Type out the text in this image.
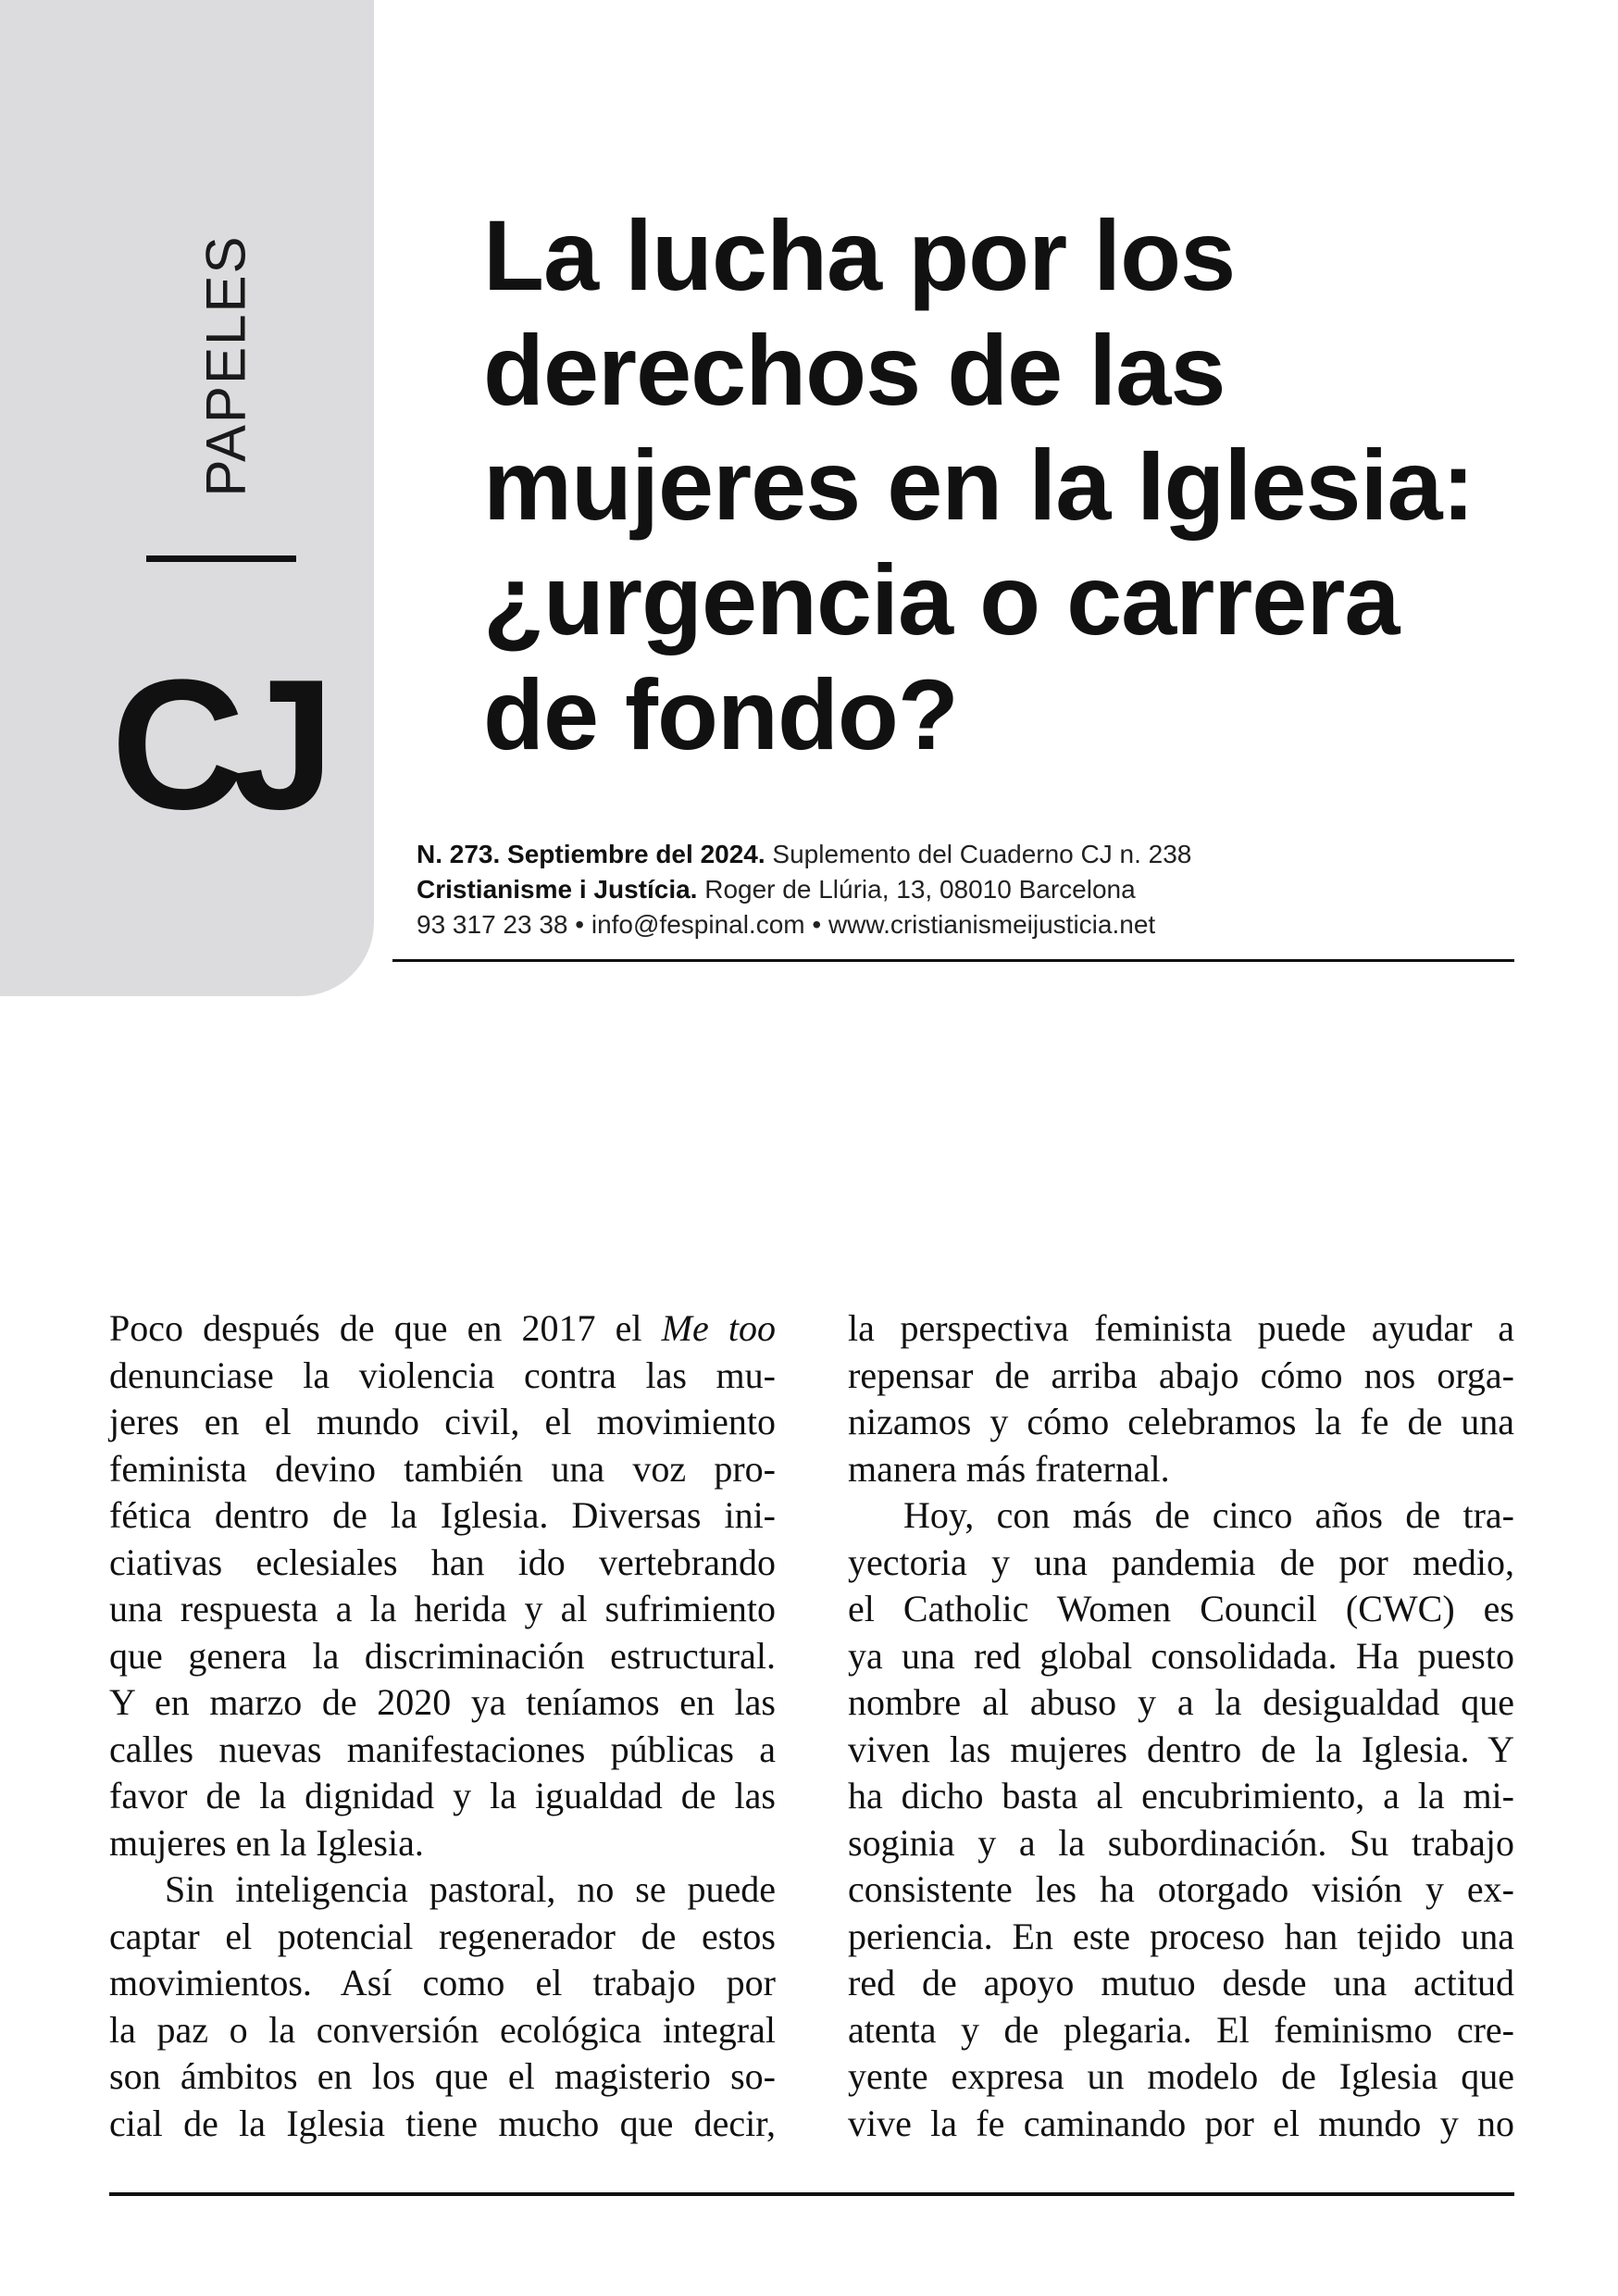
PAPELES
CJ
La lucha por los
derechos de las
mujeres en la Iglesia:
¿urgencia o carrera
de fondo?
N. 273. Septiembre del 2024. Suplemento del Cuaderno CJ n. 238
Cristianisme i Justícia. Roger de Llúria, 13, 08010 Barcelona
93 317 23 38 • info@fespinal.com • www.cristianismeijusticia.net

Poco después de que en 2017 el Me too
denunciase la violencia contra las mu-
jeres en el mundo civil, el movimiento
feminista devino también una voz pro-
fética dentro de la Iglesia. Diversas ini-
ciativas eclesiales han ido vertebrando
una respuesta a la herida y al sufrimiento
que genera la discriminación estructural.
Y en marzo de 2020 ya teníamos en las
calles nuevas manifestaciones públicas a
favor de la dignidad y la igualdad de las
mujeres en la Iglesia.

Sin inteligencia pastoral, no se puede
captar el potencial regenerador de estos
movimientos. Así como el trabajo por
la paz o la conversión ecológica integral
son ámbitos en los que el magisterio so-
cial de la Iglesia tiene mucho que decir,

la perspectiva feminista puede ayudar a
repensar de arriba abajo cómo nos orga-
nizamos y cómo celebramos la fe de una
manera más fraternal.

Hoy, con más de cinco años de tra-
yectoria y una pandemia de por medio,
el Catholic Women Council (CWC) es
ya una red global consolidada. Ha puesto
nombre al abuso y a la desigualdad que
viven las mujeres dentro de la Iglesia. Y
ha dicho basta al encubrimiento, a la mi-
soginia y a la subordinación. Su trabajo
consistente les ha otorgado visión y ex-
periencia. En este proceso han tejido una
red de apoyo mutuo desde una actitud
atenta y de plegaria. El feminismo cre-
yente expresa un modelo de Iglesia que
vive la fe caminando por el mundo y no
